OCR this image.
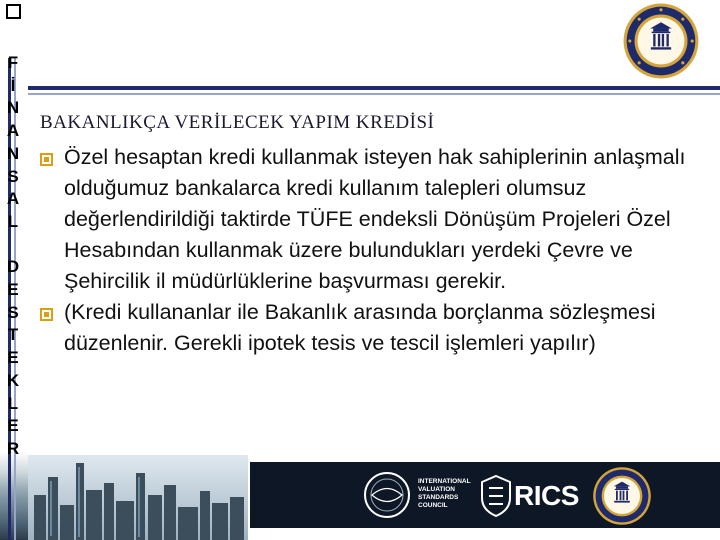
F
İ
N
A
N
S
A
L

D
E
S
T
E
K
L
E
R
BAKANLIKÇA VERİLECEK YAPIM KREDİSİ

Özel hesaptan kredi kullanmak isteyen hak sahiplerinin anlaşmalı olduğumuz bankalarca kredi kullanım talepleri olumsuz değerlendirildiği taktirde TÜFE endeksli Dönüşüm Projeleri Özel Hesabından kullanmak üzere bulundukları yerdeki Çevre ve Şehircilik il müdürlüklerine başvurması gerekir.

(Kredi kullananlar ile Bakanlık arasında borçlanma sözleşmesi düzenlenir. Gerekli ipotek tesis ve tescil işlemleri yapılır)

INTERNATIONAL
VALUATION
STANDARDS
COUNCIL	RICS
